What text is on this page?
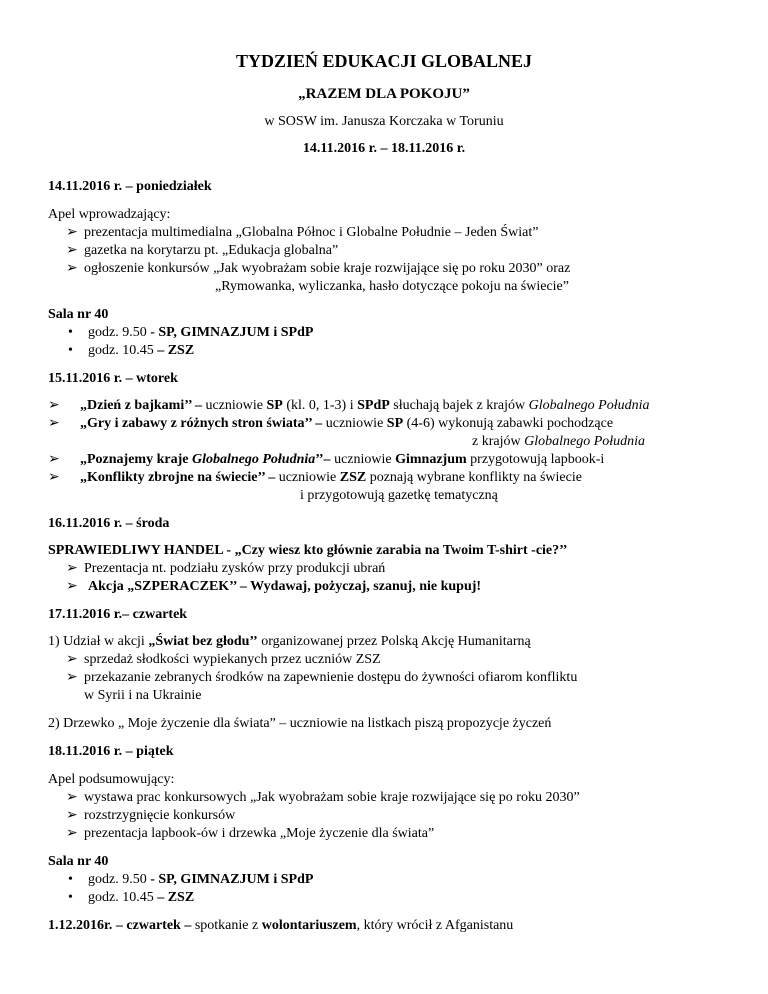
TYDZIEŃ EDUKACJI GLOBALNEJ
„RAZEM DLA POKOJU”
w SOSW im. Janusza Korczaka w Toruniu
14.11.2016 r. – 18.11.2016 r.
14.11.2016 r. – poniedziałek
Apel wprowadzający:
➢ prezentacja multimedialna „Globalna Północ i Globalne Południe – Jeden Świat”
➢ gazetka na korytarzu pt. „Edukacja globalna”
➢ ogłoszenie konkursów „Jak wyobrażam sobie kraje rozwijające się po roku 2030” oraz
„Rymowanka, wyliczanka, hasło dotyczące pokoju na świecie”
Sala nr 40
• godz. 9.50 - SP, GIMNAZJUM i SPdP
• godz. 10.45 – ZSZ
15.11.2016 r. – wtorek
➢ „Dzień z bajkami’’ – uczniowie SP (kl. 0, 1-3) i SPdP słuchają bajek z krajów Globalnego Południa
➢ „Gry i zabawy z różnych stron świata’’ – uczniowie SP (4-6) wykonują zabawki pochodzące
z krajów Globalnego Południa
➢ „Poznajemy kraje Globalnego Południa’’– uczniowie Gimnazjum przygotowują lapbook-i
➢ „Konflikty zbrojne na świecie’’ – uczniowie ZSZ poznają wybrane konflikty na świecie
i przygotowują gazetkę tematyczną
16.11.2016 r. – środa
SPRAWIEDLIWY HANDEL - „Czy wiesz kto głównie zarabia na Twoim T-shirt -cie?’’
➢ Prezentacja nt. podziału zysków przy produkcji ubrań
➢ Akcja „SZPERACZEK’’ – Wydawaj, pożyczaj, szanuj, nie kupuj!
17.11.2016 r.– czwartek
1) Udział w akcji „Świat bez głodu’’ organizowanej przez Polską Akcję Humanitarną
➢ sprzedaż słodkości wypiekanych przez uczniów ZSZ
➢ przekazanie zebranych środków na zapewnienie dostępu do żywności ofiarom konfliktu
w Syrii i na Ukrainie
2) Drzewko „ Moje życzenie dla świata” – uczniowie na listkach piszą propozycje życzeń
18.11.2016 r. – piątek
Apel podsumowujący:
➢ wystawa prac konkursowych „Jak wyobrażam sobie kraje rozwijające się po roku 2030”
➢ rozstrzygnięcie konkursów
➢ prezentacja lapbook-ów i drzewka „Moje życzenie dla świata”
Sala nr 40
• godz. 9.50 - SP, GIMNAZJUM i SPdP
• godz. 10.45 – ZSZ
1.12.2016r. – czwartek – spotkanie z wolontariuszem, który wrócił z Afganistanu
